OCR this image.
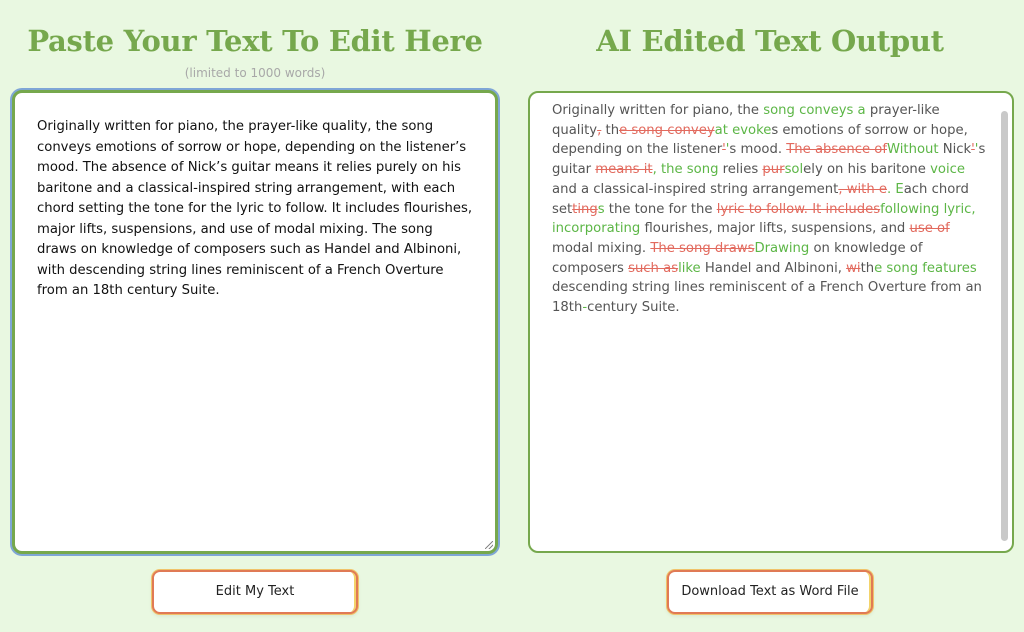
Paste Your Text To Edit Here
(limited to 1000 words)

Originally written for piano, the prayer-like quality, the song conveys emotions of sorrow or hope, depending on the listener’s mood. The absence of Nick’s guitar means it relies purely on his baritone and a classical-inspired string arrangement, with each chord setting the tone for the lyric to follow. It includes flourishes, major lifts, suspensions, and use of modal mixing. The song draws on knowledge of composers such as Handel and Albinoni, with descending string lines reminiscent of a French Overture from an 18th century Suite.

AI Edited Text Output

Originally written for piano, the song conveys a prayer-like quality, the song conveyat evokes emotions of sorrow or hope, depending on the listener''s mood. The absence ofWithout Nick''s guitar means it, the song relies pursolely on his baritone voice and a classical-inspired string arrangement, with e. Each chord settings the tone for the lyric to follow. It includesfollowing lyric, incorporating flourishes, major lifts, suspensions, and use of modal mixing. The song drawsDrawing on knowledge of composers such aslike Handel and Albinoni, withe song features descending string lines reminiscent of a French Overture from an 18th-century Suite.

Edit My Text	Download Text as Word File
